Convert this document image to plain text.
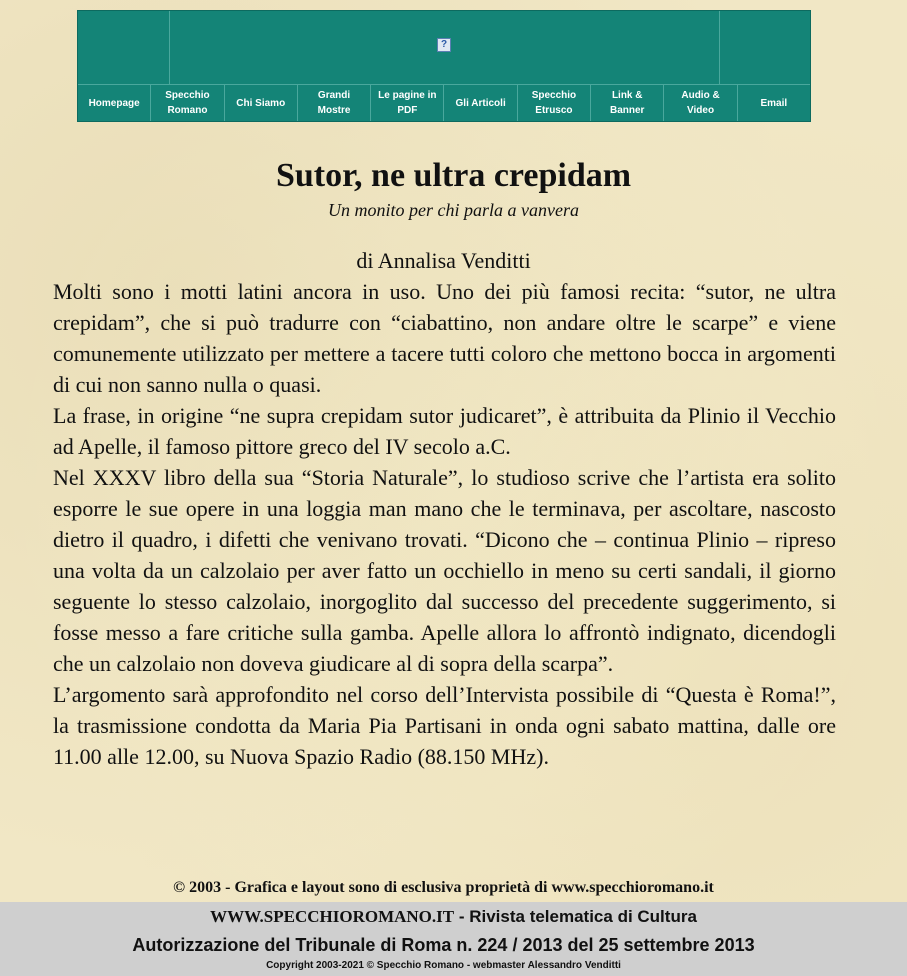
?
Homepage
Specchio
Romano
Chi Siamo
Grandi
Mostre
Le pagine in
PDF
Gli Articoli
Specchio
Etrusco
Link &
Banner
Audio &
Video
Email
Sutor, ne ultra crepidam
Un monito per chi parla a vanvera
di Annalisa Venditti

Molti sono i motti latini ancora in uso. Uno dei più famosi recita: “sutor, ne ultra crepidam”, che si può tradurre con “ciabattino, non andare oltre le scarpe” e viene comunemente utilizzato per mettere a tacere tutti coloro che mettono bocca in argomenti di cui non sanno nulla o quasi.

La frase, in origine “ne supra crepidam sutor judicaret”, è attribuita da Plinio il Vecchio ad Apelle, il famoso pittore greco del IV secolo a.C.

Nel XXXV libro della sua “Storia Naturale”, lo studioso scrive che l’artista era solito esporre le sue opere in una loggia man mano che le terminava, per ascoltare, nascosto dietro il quadro, i difetti che venivano trovati. “Dicono che – continua Plinio – ripreso una volta da un calzolaio per aver fatto un occhiello in meno su certi sandali, il giorno seguente lo stesso calzolaio, inorgoglito dal successo del precedente suggerimento, si fosse messo a fare critiche sulla gamba. Apelle allora lo affrontò indignato, dicendogli che un calzolaio non doveva giudicare al di sopra della scarpa”.

L’argomento sarà approfondito nel corso dell’Intervista possibile di “Questa è Roma!”, la trasmissione condotta da Maria Pia Partisani in onda ogni sabato mattina, dalle ore 11.00 alle 12.00, su Nuova Spazio Radio (88.150 MHz).

© 2003 - Grafica e layout sono di esclusiva proprietà di www.specchioromano.it
WWW.SPECCHIOROMANO.IT - Rivista telematica di Cultura
Autorizzazione del Tribunale di Roma n. 224 / 2013 del 25 settembre 2013
Copyright 2003-2021 © Specchio Romano - webmaster Alessandro Venditti
